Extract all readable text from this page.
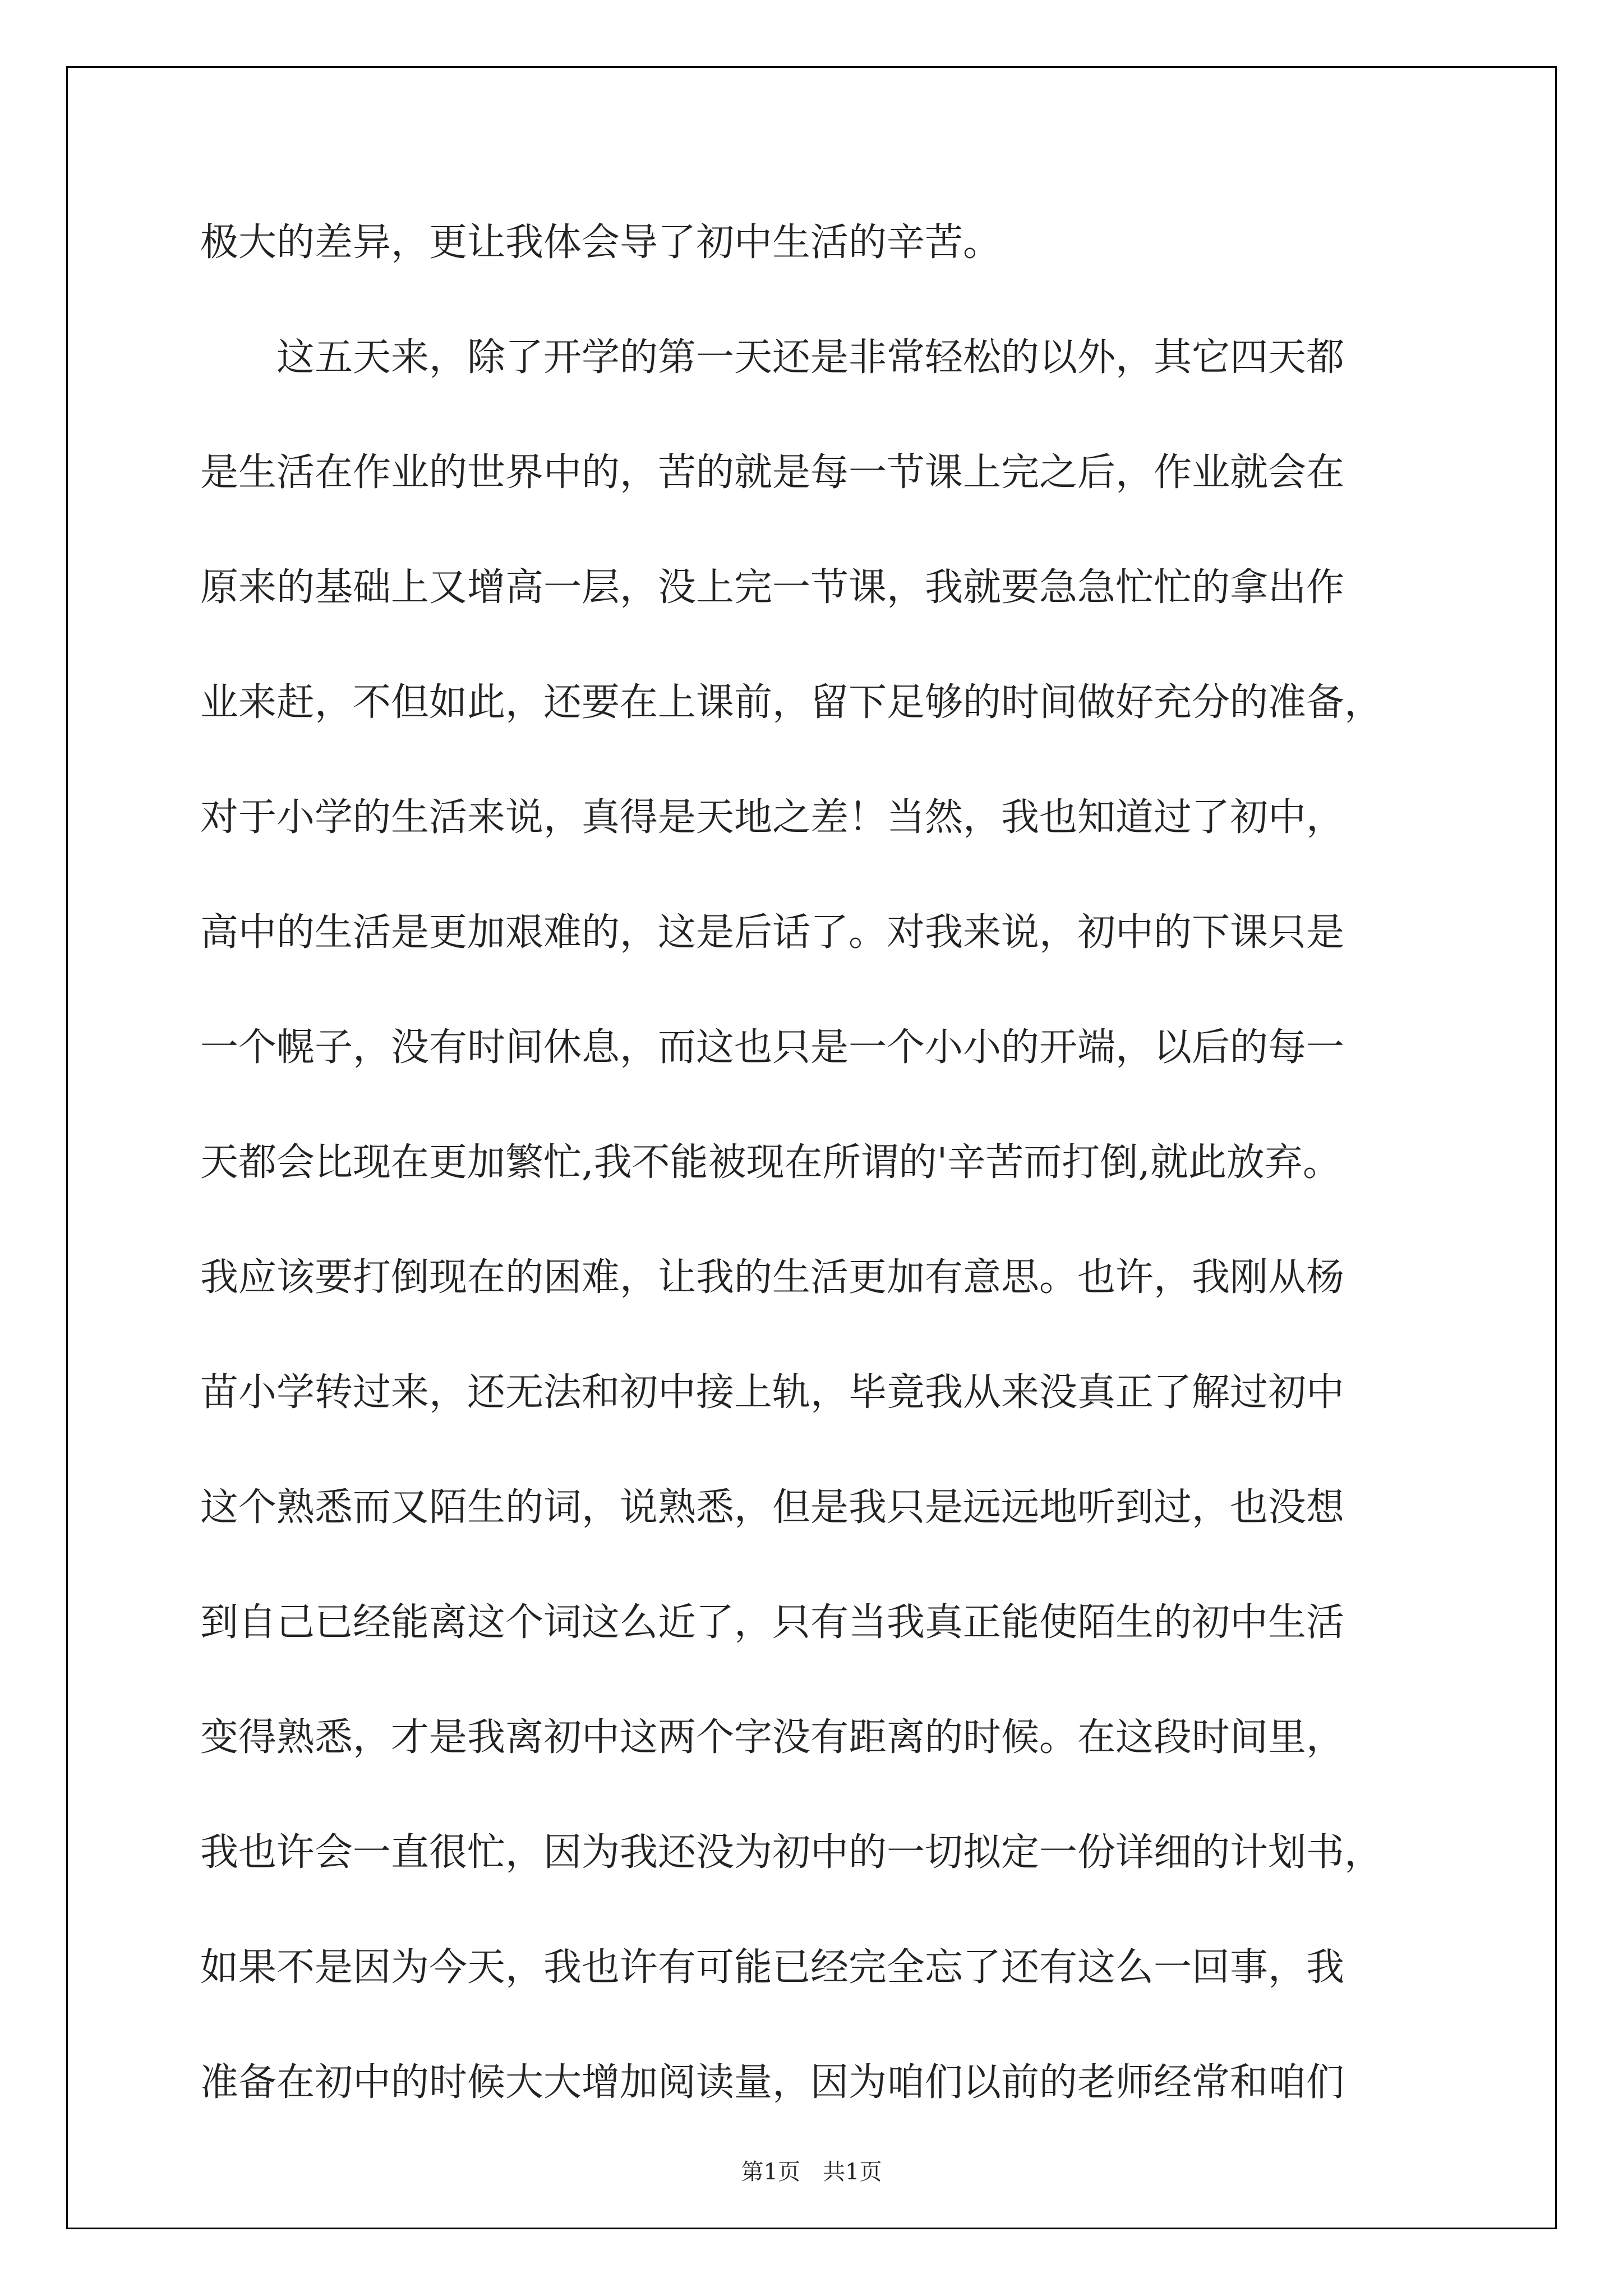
极大的差异，更让我体会导了初中生活的辛苦。
　　这五天来，除了开学的第一天还是非常轻松的以外，其它四天都
是生活在作业的世界中的，苦的就是每一节课上完之后，作业就会在
原来的基础上又增高一层，没上完一节课，我就要急急忙忙的拿出作
业来赶，不但如此，还要在上课前，留下足够的时间做好充分的准备，
对于小学的生活来说，真得是天地之差！当然，我也知道过了初中，
高中的生活是更加艰难的，这是后话了。对我来说，初中的下课只是
一个幌子，没有时间休息，而这也只是一个小小的开端，以后的每一
天都会比现在更加繁忙,我不能被现在所谓的'辛苦而打倒,就此放弃。
我应该要打倒现在的困难，让我的生活更加有意思。也许，我刚从杨
苗小学转过来，还无法和初中接上轨，毕竟我从来没真正了解过初中
这个熟悉而又陌生的词，说熟悉，但是我只是远远地听到过，也没想
到自己已经能离这个词这么近了，只有当我真正能使陌生的初中生活
变得熟悉，才是我离初中这两个字没有距离的时候。在这段时间里，
我也许会一直很忙，因为我还没为初中的一切拟定一份详细的计划书，
如果不是因为今天，我也许有可能已经完全忘了还有这么一回事，我
准备在初中的时候大大增加阅读量，因为咱们以前的老师经常和咱们
第1页　共1页
